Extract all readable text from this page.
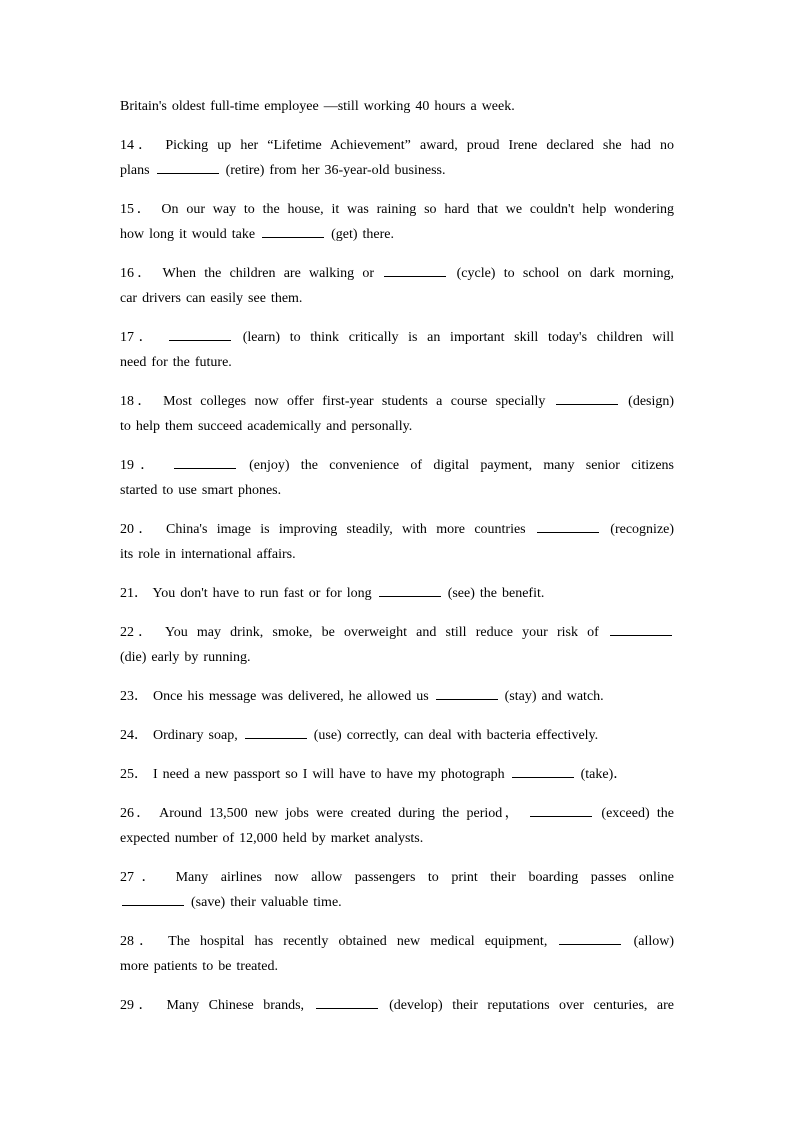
Britain's oldest full-time employee —still working 40 hours a week.
14． Picking up her “Lifetime Achievement” award, proud Irene declared she had no
plans	(retire) from her 36-year-old business.
15． On our way to the house, it was raining so hard that we couldn't help wondering
how long it would take	(get) there.
16． When the children are walking or	(cycle) to school on dark morning,
car drivers can easily see them.
17．	(learn) to think critically is an important skill today's children will
need for the future.
18． Most colleges now offer first-year students a course specially	(design)
to help them succeed academically and personally.
19．	(enjoy) the convenience of digital payment, many senior citizens
started to use smart phones.
20． China's image is improving steadily, with more countries	(recognize)
its role in international affairs.
21． You don't have to run fast or for long	(see) the benefit.
22． You may drink, smoke, be overweight and still reduce your risk of
(die) early by running.
23． Once his message was delivered, he allowed us	(stay) and watch.
24． Ordinary soap,	(use) correctly, can deal with bacteria effectively.
25． I need a new passport so I will have to have my photograph	(take)．
26． Around 13,500 new jobs were created during the period，	(exceed) the
expected number of 12,000 held by market analysts.
27． Many airlines now allow passengers to print their boarding passes online
(save) their valuable time.
28． The hospital has recently obtained new medical equipment,	(allow)
more patients to be treated.
29． Many Chinese brands,	(develop) their reputations over centuries, are
